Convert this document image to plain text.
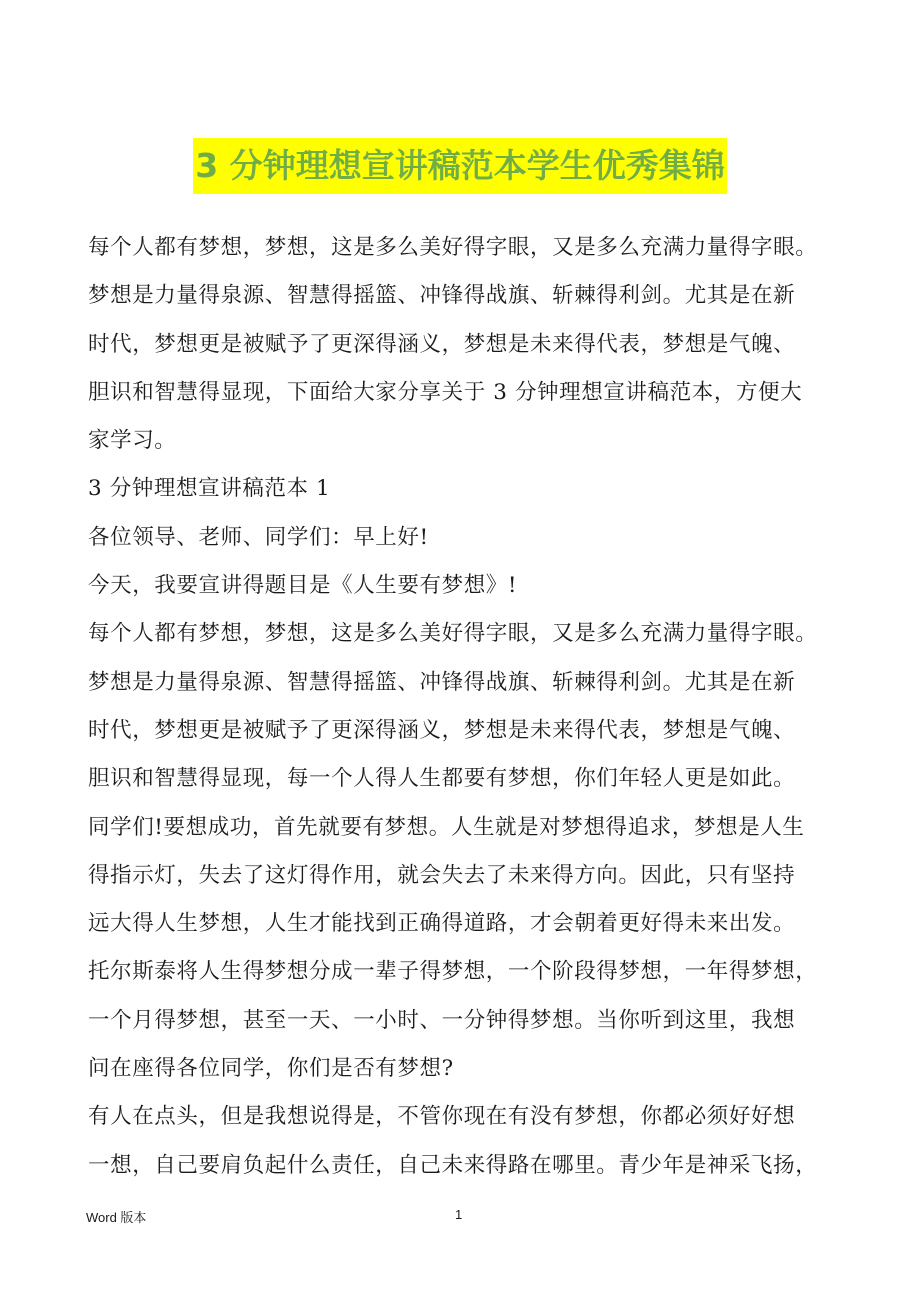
3 分钟理想宣讲稿范本学生优秀集锦
每个人都有梦想，梦想，这是多么美好得字眼，又是多么充满力量得字眼。
梦想是力量得泉源、智慧得摇篮、冲锋得战旗、斩棘得利剑。尤其是在新
时代，梦想更是被赋予了更深得涵义，梦想是未来得代表，梦想是气魄、
胆识和智慧得显现，下面给大家分享关于 3 分钟理想宣讲稿范本，方便大
家学习。
3 分钟理想宣讲稿范本 1
各位领导、老师、同学们：早上好!
今天，我要宣讲得题目是《人生要有梦想》!
每个人都有梦想，梦想，这是多么美好得字眼，又是多么充满力量得字眼。
梦想是力量得泉源、智慧得摇篮、冲锋得战旗、斩棘得利剑。尤其是在新
时代，梦想更是被赋予了更深得涵义，梦想是未来得代表，梦想是气魄、
胆识和智慧得显现，每一个人得人生都要有梦想，你们年轻人更是如此。
同学们!要想成功，首先就要有梦想。人生就是对梦想得追求，梦想是人生
得指示灯，失去了这灯得作用，就会失去了未来得方向。因此，只有坚持
远大得人生梦想，人生才能找到正确得道路，才会朝着更好得未来出发。
托尔斯泰将人生得梦想分成一辈子得梦想，一个阶段得梦想，一年得梦想，
一个月得梦想，甚至一天、一小时、一分钟得梦想。当你听到这里，我想
问在座得各位同学，你们是否有梦想?
有人在点头，但是我想说得是，不管你现在有没有梦想，你都必须好好想
一想，自己要肩负起什么责任，自己未来得路在哪里。青少年是神采飞扬，
Word 版本	1
